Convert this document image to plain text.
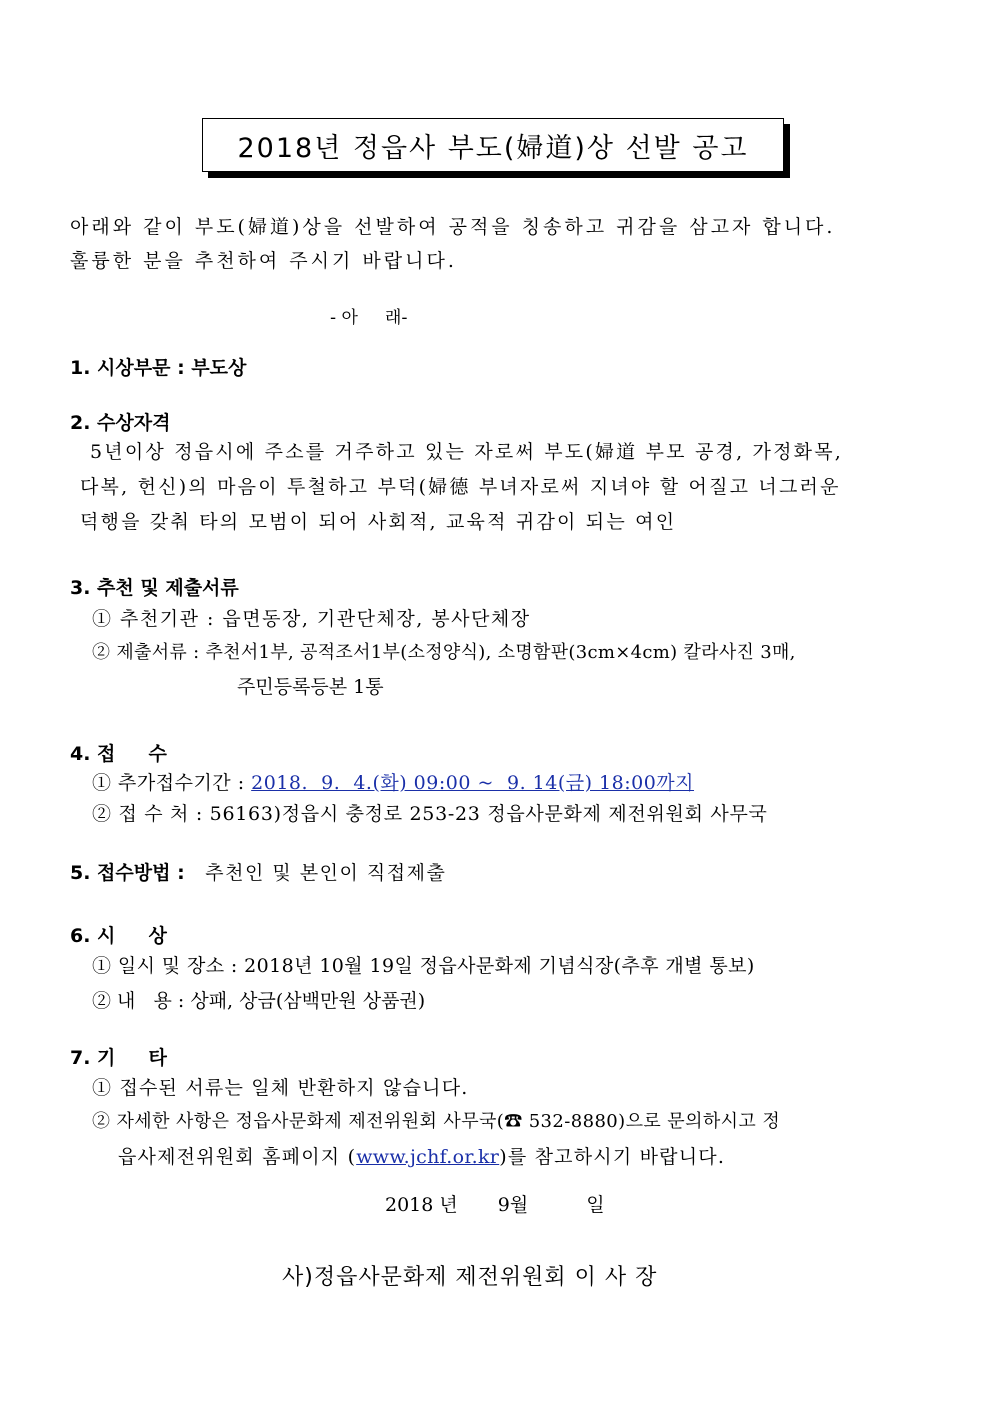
2018년 정읍사 부도(婦道)상 선발 공고
아래와 같이 부도(婦道)상을 선발하여 공적을 칭송하고 귀감을 삼고자 합니다.
훌륭한 분을 추천하여 주시기 바랍니다.
- 아     래-
1. 시상부문 : 부도상
2. 수상자격
5년이상 정읍시에 주소를 거주하고 있는 자로써 부도(婦道 부모 공경, 가정화목,
다복, 헌신)의 마음이 투철하고 부덕(婦德 부녀자로써 지녀야 할 어질고 너그러운
덕행을 갖춰 타의 모범이 되어 사회적, 교육적 귀감이 되는 여인
3. 추천 및 제출서류
① 추천기관 : 읍면동장, 기관단체장, 봉사단체장
② 제출서류 : 추천서1부, 공적조서1부(소정양식), 소명함판(3cm×4cm) 칼라사진 3매,
주민등록등본 1통
4. 접     수
① 추가접수기간 : 2018.  9.  4.(화) 09:00 ~  9. 14(금) 18:00까지
② 접 수 처 : 56163)정읍시 충정로 253-23 정읍사문화제 제전위원회 사무국
5. 접수방법 : 추천인 및 본인이 직접제출
6. 시     상
① 일시 및 장소 : 2018년 10월 19일 정읍사문화제 기념식장(추후 개별 통보)
② 내   용 : 상패, 상금(삼백만원 상품권)
7. 기     타
① 접수된 서류는 일체 반환하지 않습니다.
② 자세한 사항은 정읍사문화제 제전위원회 사무국(☎ 532-8880)으로 문의하시고 정
읍사제전위원회 홈페이지 (www.jchf.or.kr)를 참고하시기 바랍니다.
2018 년 9월	일
사)정읍사문화제 제전위원회 이 사 장
